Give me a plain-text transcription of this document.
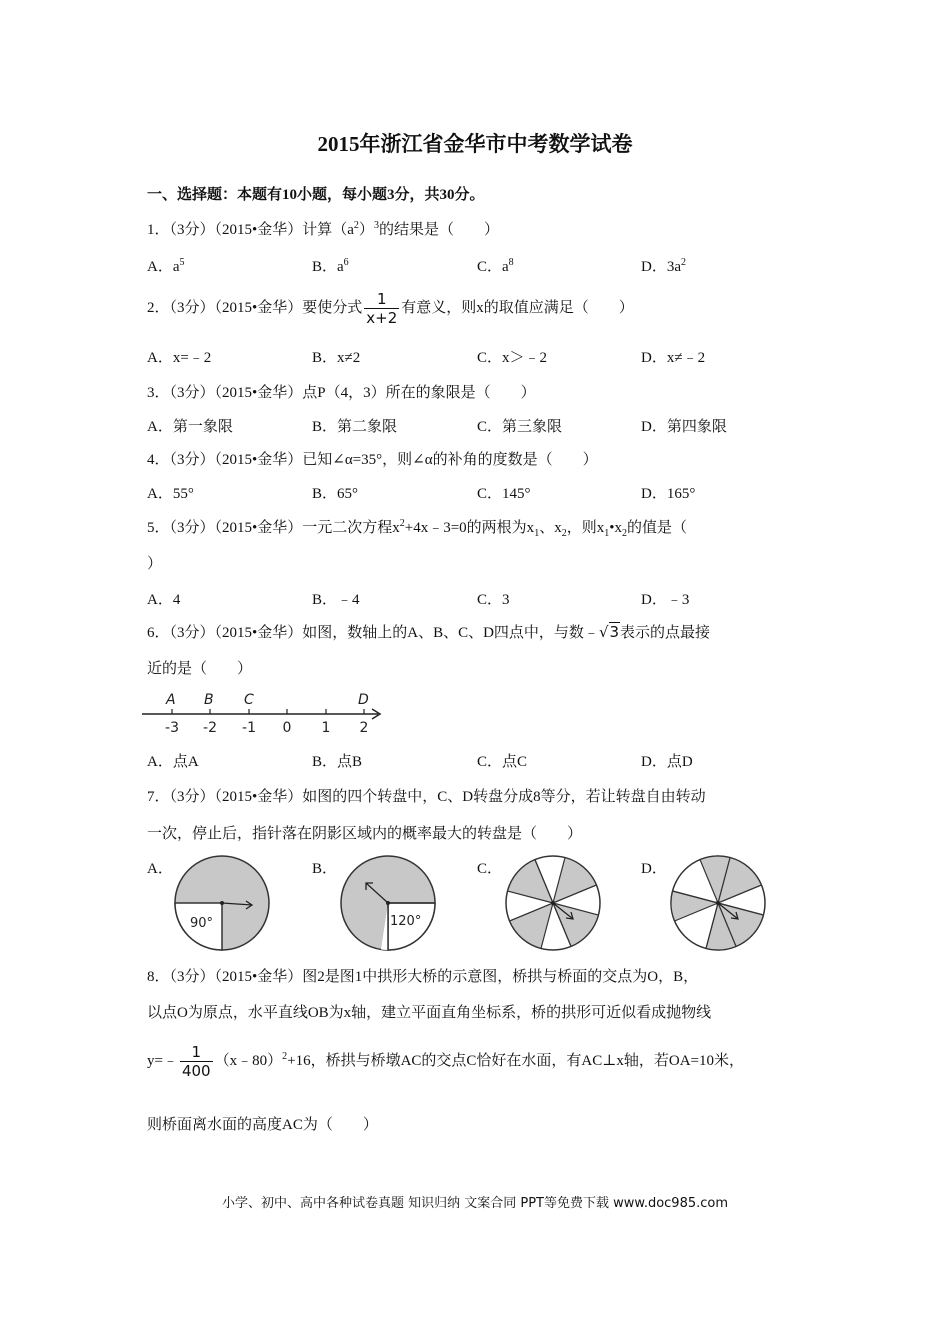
2015年浙江省金华市中考数学试卷
一、选择题：本题有10小题，每小题3分，共30分。
1．（3分）（2015•金华）计算$(a^2)^3$的结果是（　　）
A．$a^5$	B．$a^6$	C．$a^8$	D．$3a^2$
2．（3分）（2015•金华）要使分式 $\frac{1}{x+2}$ 有意义，则x的取值应满足（　　）
A．x=﹣2	B．x≠2	C．x＞﹣2	D．x≠﹣2
3．（3分）（2015•金华）点P（4，3）所在的象限是（　　）
A．第一象限	B．第二象限	C．第三象限	D．第四象限
4．（3分）（2015•金华）已知∠α=35°，则∠α的补角的度数是（　　）
A．55°	B．65°	C．145°	D．165°
5．（3分）（2015•金华）一元二次方程$x^2+4x﹣3=0$的两根为$x_1$、$x_2$，则$x_1•x_2$的值是（
）
A．4	B．﹣4	C．3	D．﹣3
6．（3分）（2015•金华）如图，数轴上的A、B、C、D四点中，与数﹣√3表示的点最接
近的是（　　）
A B C	D
-3 -2 -1 0 1 2
A．点A	B．点B	C．点C	D．点D
7．（3分）（2015•金华）如图的四个转盘中，C、D转盘分成8等分，若让转盘自由转动
一次，停止后，指针落在阴影区域内的概率最大的转盘是（　　）
A．	B．	C．	D．
90°	120°
8．（3分）（2015•金华）图2是图1中拱形大桥的示意图，桥拱与桥面的交点为O，B，
以点O为原点，水平直线OB为x轴，建立平面直角坐标系，桥的拱形可近似看成抛物线
y=﹣ $\frac{1}{400}$ （x﹣80）$^2$+16，桥拱与桥墩AC的交点C恰好在水面，有AC⊥x轴，若OA=10米，
则桥面离水面的高度AC为（　　）
小学、初中、高中各种试卷真题 知识归纳 文案合同 PPT等免费下载 www.doc985.com
